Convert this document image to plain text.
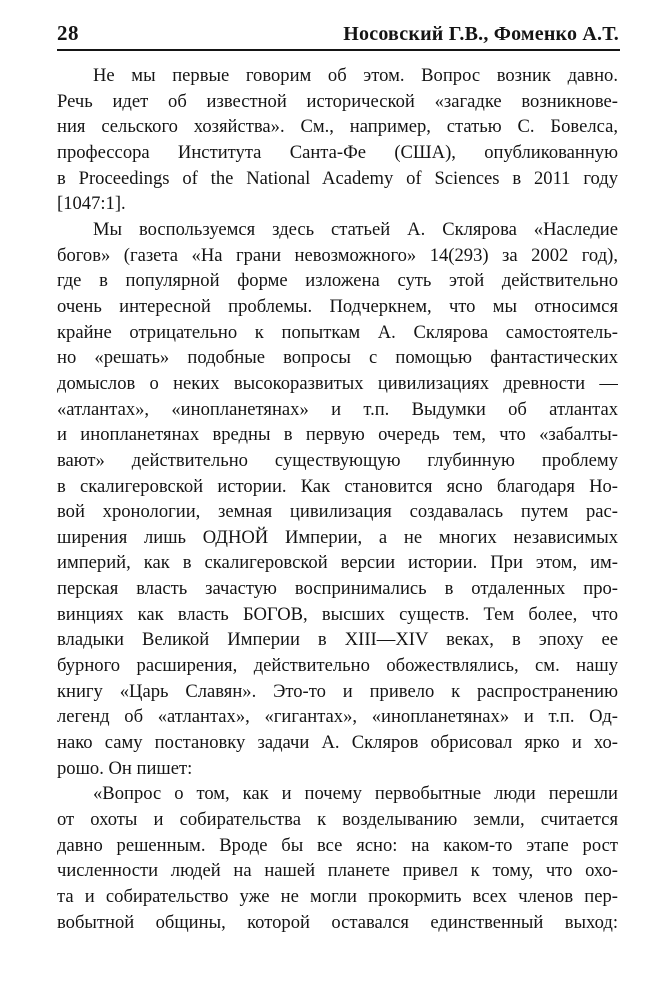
28	Носовский Г.В., Фоменко А.Т.
Не мы первые говорим об этом. Вопрос возник давно.
Речь идет об известной исторической «загадке возникнове-
ния сельского хозяйства». См., например, статью С. Бовелса,
профессора Института Санта-Фе (США), опубликованную
в Proceedings of the National Academy of Sciences в 2011 году
[1047:1].
Мы воспользуемся здесь статьей А. Склярова «Наследие
богов» (газета «На грани невозможного» 14(293) за 2002 год),
где в популярной форме изложена суть этой действительно
очень интересной проблемы. Подчеркнем, что мы относимся
крайне отрицательно к попыткам А. Склярова самостоятель-
но «решать» подобные вопросы с помощью фантастических
домыслов о неких высокоразвитых цивилизациях древности —
«атлантах», «инопланетянах» и т.п. Выдумки об атлантах
и инопланетянах вредны в первую очередь тем, что «забалты-
вают» действительно существующую глубинную проблему
в скалигеровской истории. Как становится ясно благодаря Но-
вой хронологии, земная цивилизация создавалась путем рас-
ширения лишь ОДНОЙ Империи, а не многих независимых
империй, как в скалигеровской версии истории. При этом, им-
перская власть зачастую воспринимались в отдаленных про-
винциях как власть БОГОВ, высших существ. Тем более, что
владыки Великой Империи в XIII—XIV веках, в эпоху ее
бурного расширения, действительно обожествлялись, см. нашу
книгу «Царь Славян». Это-то и привело к распространению
легенд об «атлантах», «гигантах», «инопланетянах» и т.п. Од-
нако саму постановку задачи А. Скляров обрисовал ярко и хо-
рошо. Он пишет:
«Вопрос о том, как и почему первобытные люди перешли
от охоты и собирательства к возделыванию земли, считается
давно решенным. Вроде бы все ясно: на каком-то этапе рост
численности людей на нашей планете привел к тому, что охо-
та и собирательство уже не могли прокормить всех членов пер-
вобытной общины, которой оставался единственный выход:
